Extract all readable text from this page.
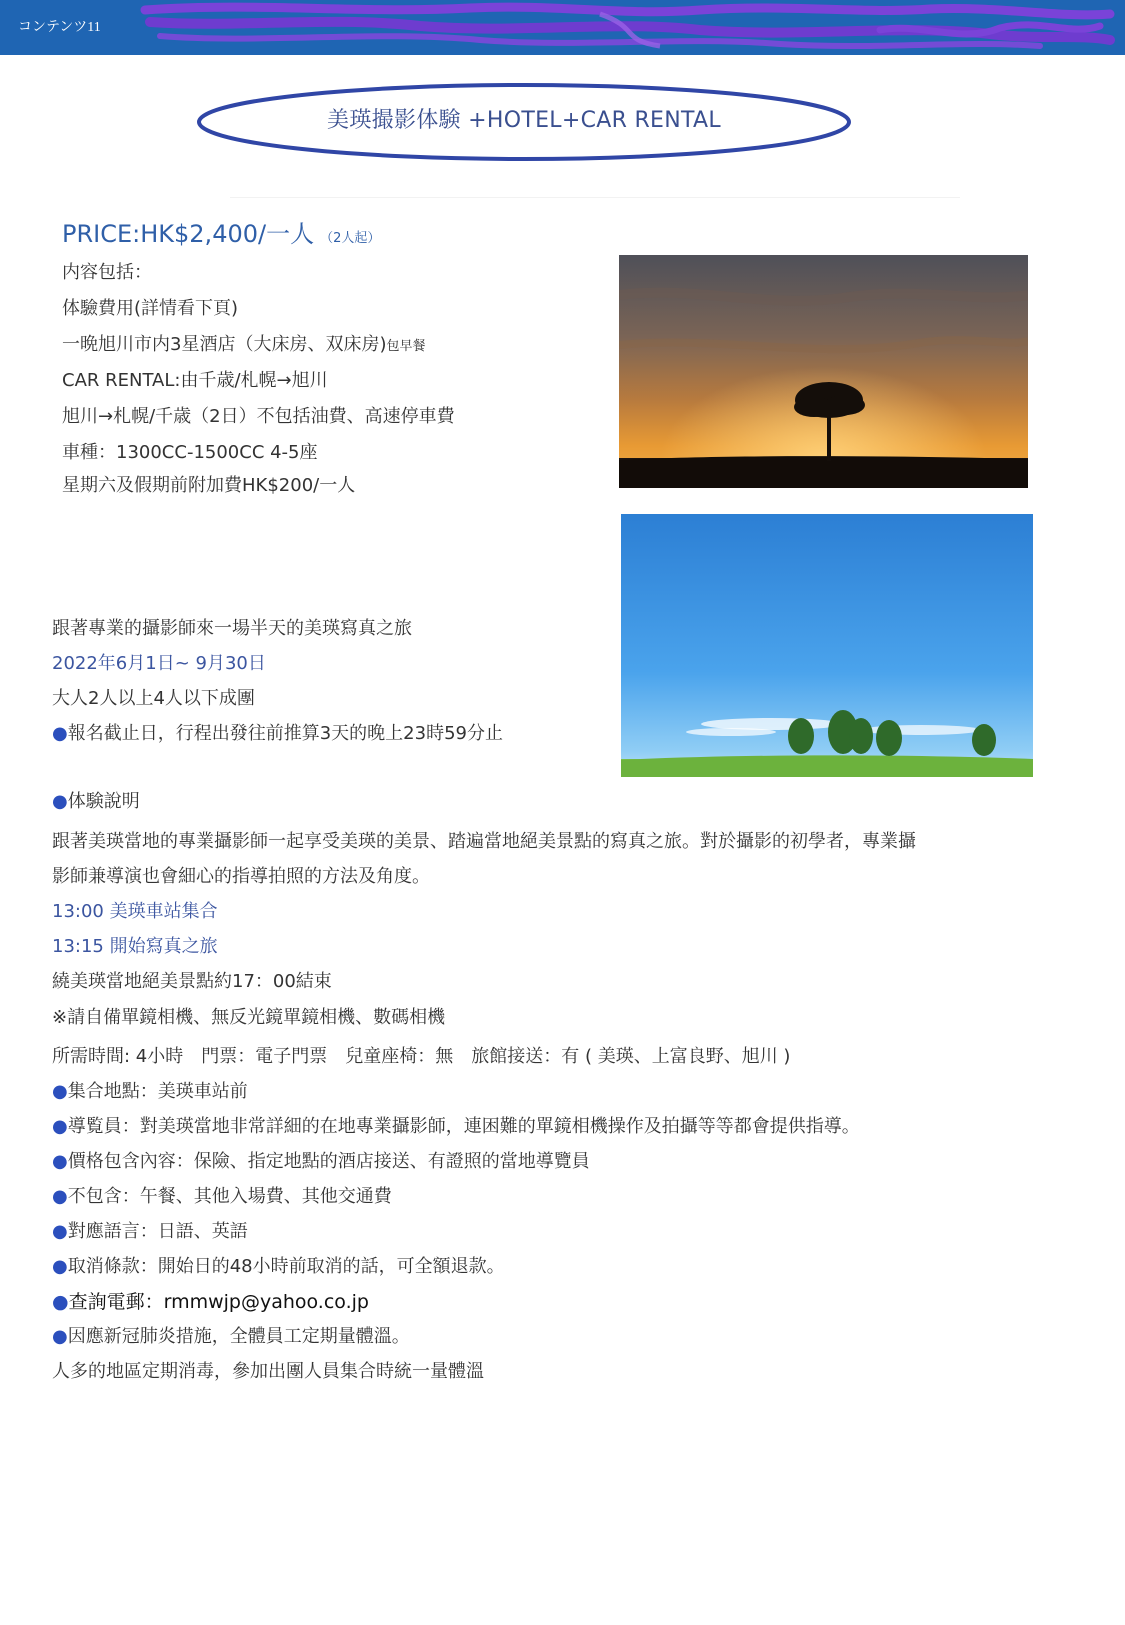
コンテンツ11
美瑛撮影体験 +HOTEL+CAR RENTAL
PRICE:HK$2,400/一人 （2人起）
内容包括：
体驗費用(詳情看下頁)
一晩旭川市内3星酒店（大床房、双床房)包早餐
CAR RENTAL:由千歳/札幌→旭川
旭川→札幌/千歳（2日）不包括油費、高速停車費
車種：1300CC-1500CC 4-5座
星期六及假期前附加費HK$200/一人
跟著專業的攝影師來一場半天的美瑛寫真之旅
2022年6月1日~ 9月30日
大人2人以上4人以下成團
●報名截止日，行程出發往前推算3天的晚上23時59分止
●体験說明
跟著美瑛當地的專業攝影師一起享受美瑛的美景、踏遍當地絕美景點的寫真之旅。對於攝影的初學者，專業攝
影師兼導演也會細心的指導拍照的方法及角度。
13:00 美瑛車站集合
13:15 開始寫真之旅
繞美瑛當地絕美景點約17：00結束
※請自備單鏡相機、無反光鏡單鏡相機、數碼相機
所需時間: 4小時　門票：電子門票　兒童座椅：無　旅館接送：有 ( 美瑛、上富良野、旭川 )
●集合地點：美瑛車站前
●導覧員：對美瑛當地非常詳細的在地專業攝影師，連困難的單鏡相機操作及拍攝等等都會提供指導。
●價格包含內容：保險、指定地點的酒店接送、有證照的當地導覽員
●不包含：午餐、其他入場費、其他交通費
●對應語言：日語、英語
●取消條款：開始日的48小時前取消的話，可全額退款。
●查詢電郵：rmmwjp@yahoo.co.jp
●因應新冠肺炎措施，全體員工定期量體溫。
人多的地區定期消毒，參加出團人員集合時統一量體溫
